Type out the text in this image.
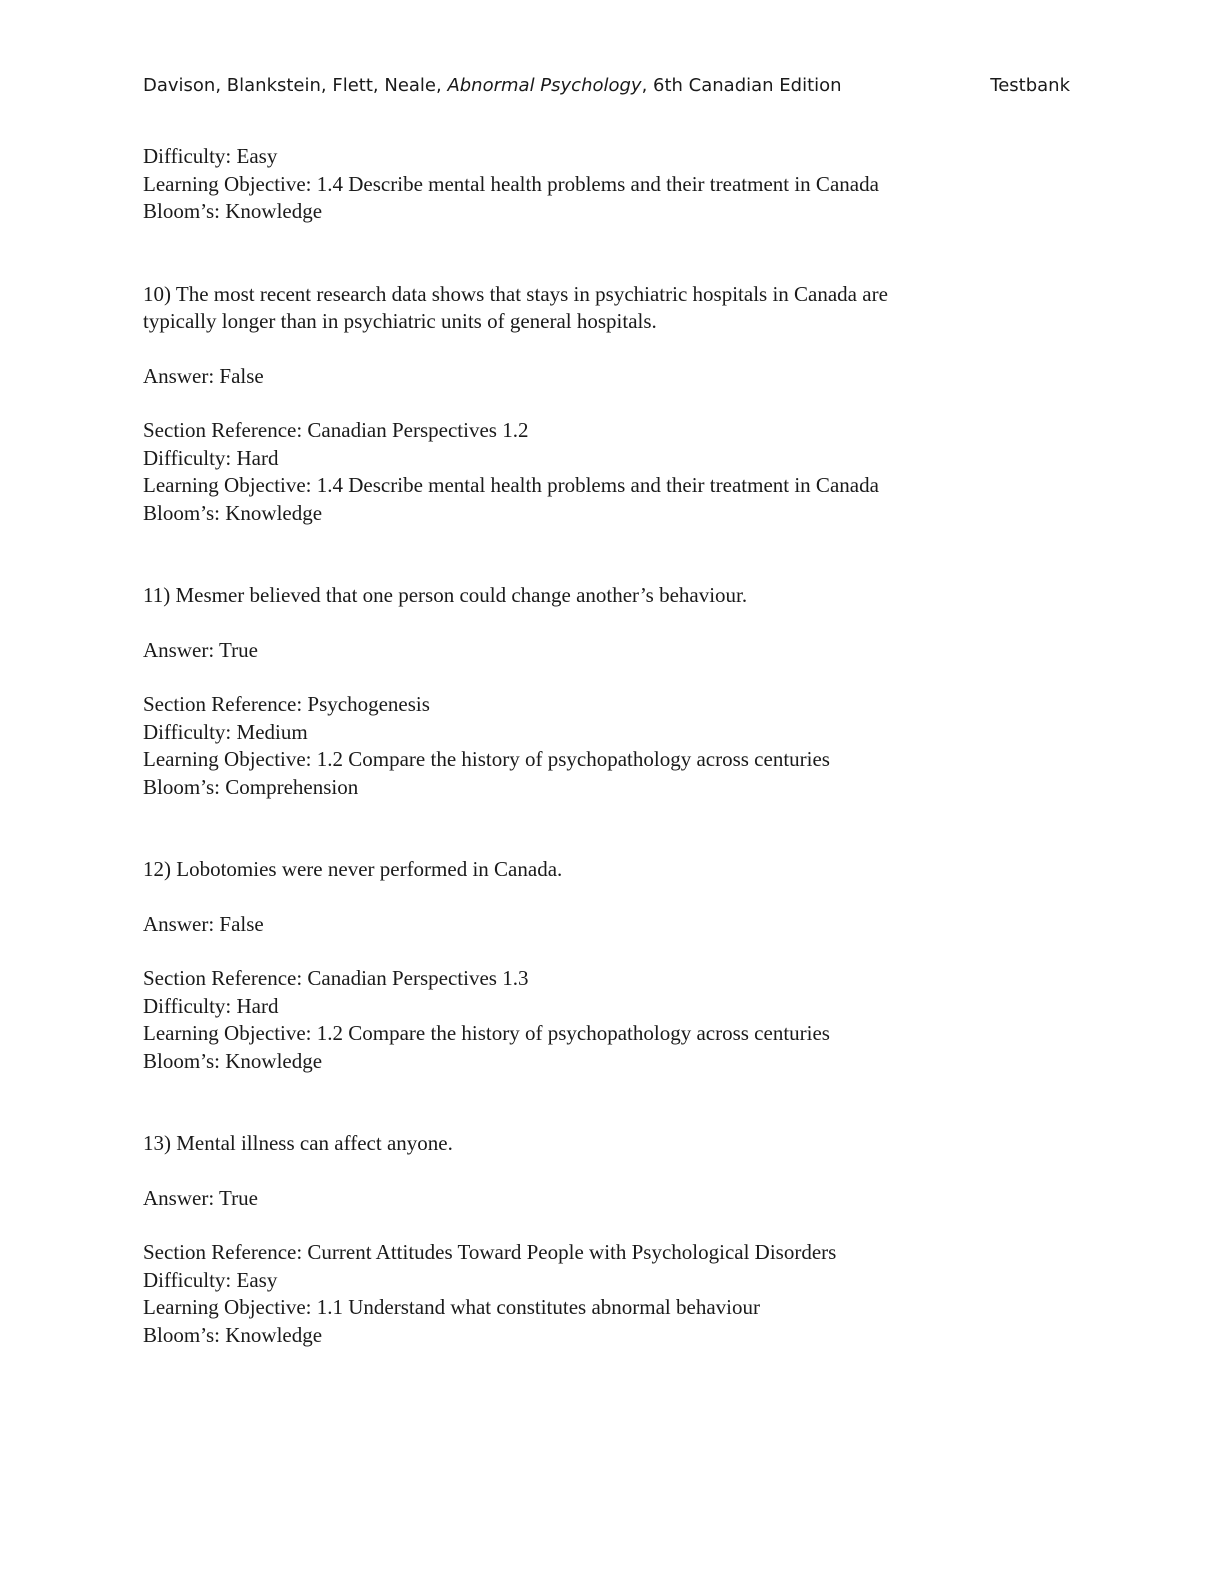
Davison, Blankstein, Flett, Neale, Abnormal Psychology, 6th Canadian Edition	Testbank
Difficulty: Easy
Learning Objective: 1.4 Describe mental health problems and their treatment in Canada
Bloom’s: Knowledge
10) The most recent research data shows that stays in psychiatric hospitals in Canada are
typically longer than in psychiatric units of general hospitals.
Answer: False
Section Reference: Canadian Perspectives 1.2
Difficulty: Hard
Learning Objective: 1.4 Describe mental health problems and their treatment in Canada
Bloom’s: Knowledge
11) Mesmer believed that one person could change another’s behaviour.
Answer: True
Section Reference: Psychogenesis
Difficulty: Medium
Learning Objective: 1.2 Compare the history of psychopathology across centuries
Bloom’s: Comprehension
12) Lobotomies were never performed in Canada.
Answer: False
Section Reference: Canadian Perspectives 1.3
Difficulty: Hard
Learning Objective: 1.2 Compare the history of psychopathology across centuries
Bloom’s: Knowledge
13) Mental illness can affect anyone.
Answer: True
Section Reference: Current Attitudes Toward People with Psychological Disorders
Difficulty: Easy
Learning Objective: 1.1 Understand what constitutes abnormal behaviour
Bloom’s: Knowledge
